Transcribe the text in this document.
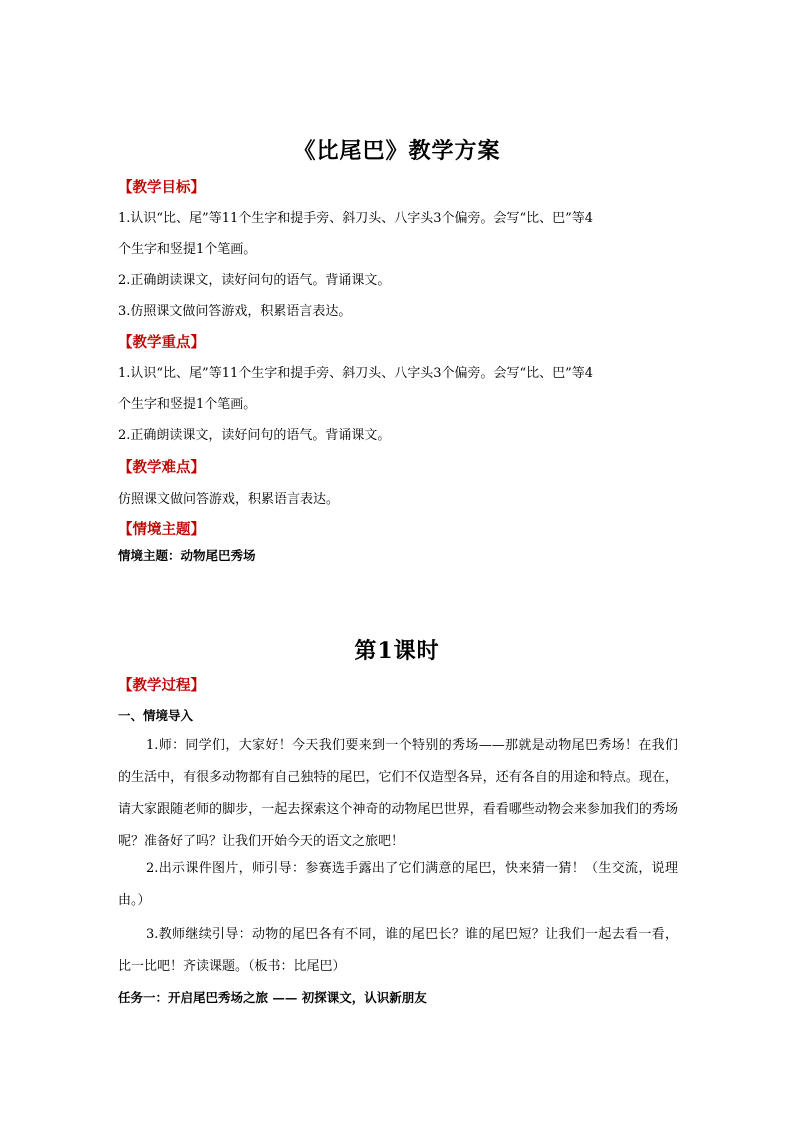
《比尾巴》教学方案
【教学目标】
1.认识“比、尾”等11个生字和提手旁、斜刀头、八字头3个偏旁。会写“比、巴”等4
个生字和竖提1个笔画。
2.正确朗读课文，读好问句的语气。背诵课文。
3.仿照课文做问答游戏，积累语言表达。
【教学重点】
1.认识“比、尾”等11个生字和提手旁、斜刀头、八字头3个偏旁。会写“比、巴”等4
个生字和竖提1个笔画。
2.正确朗读课文，读好问句的语气。背诵课文。
【教学难点】
仿照课文做问答游戏，积累语言表达。
【情境主题】
情境主题：动物尾巴秀场
第1课时
【教学过程】
一、情境导入
1.师：同学们，大家好！今天我们要来到一个特别的秀场——那就是动物尾巴秀场！在我们的生活中，有很多动物都有自己独特的尾巴，它们不仅造型各异，还有各自的用途和特点。现在，请大家跟随老师的脚步，一起去探索这个神奇的动物尾巴世界，看看哪些动物会来参加我们的秀场呢？准备好了吗？让我们开始今天的语文之旅吧！
2.出示课件图片，师引导：参赛选手露出了它们满意的尾巴，快来猜一猜！（生交流，说理由。）
3.教师继续引导：动物的尾巴各有不同，谁的尾巴长？谁的尾巴短？让我们一起去看一看，比一比吧！齐读课题。（板书：比尾巴）
任务一：开启尾巴秀场之旅 —— 初探课文，认识新朋友
